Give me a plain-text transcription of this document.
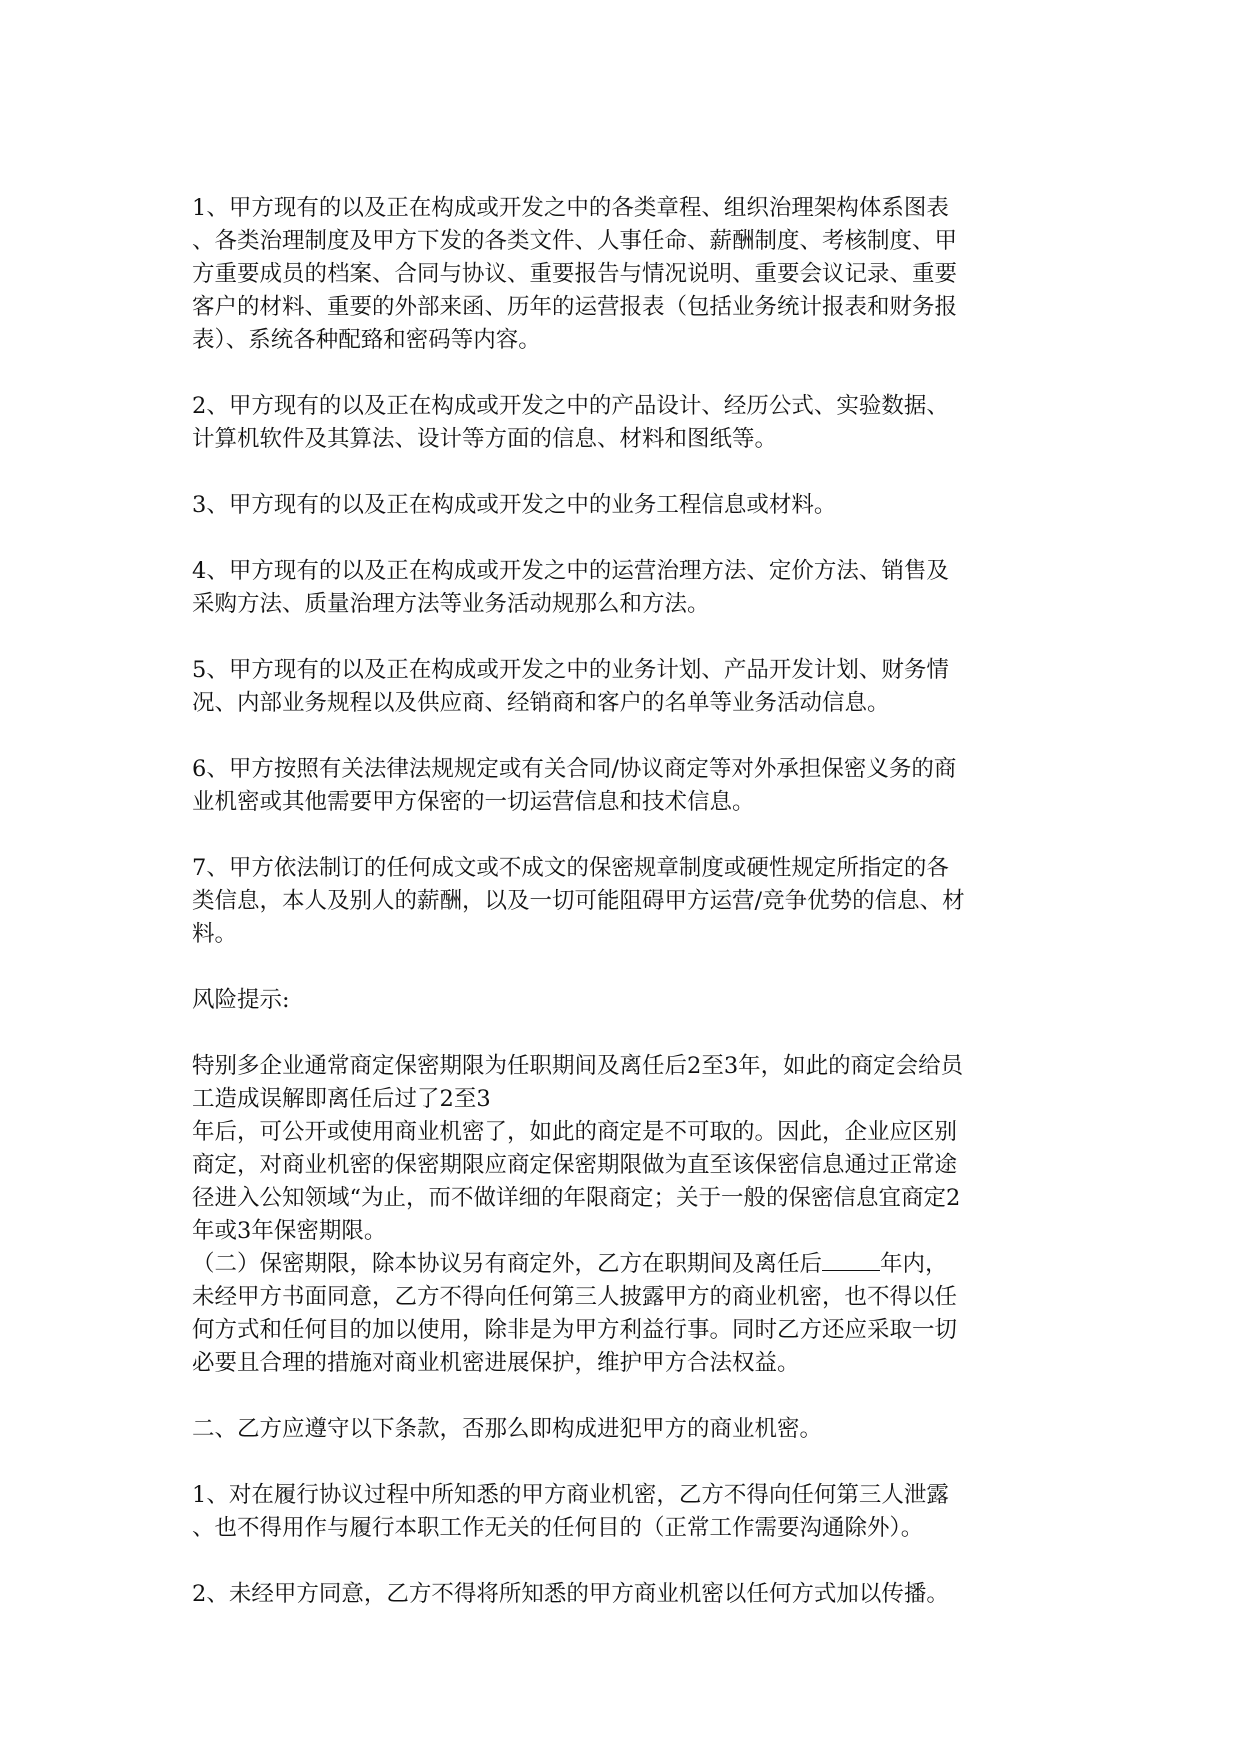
1、甲方现有的以及正在构成或开发之中的各类章程、组织治理架构体系图表
、各类治理制度及甲方下发的各类文件、人事任命、薪酬制度、考核制度、甲
方重要成员的档案、合同与协议、重要报告与情况说明、重要会议记录、重要
客户的材料、重要的外部来函、历年的运营报表（包括业务统计报表和财务报
表）、系统各种配臵和密码等内容。
2、甲方现有的以及正在构成或开发之中的产品设计、经历公式、实验数据、
计算机软件及其算法、设计等方面的信息、材料和图纸等。
3、甲方现有的以及正在构成或开发之中的业务工程信息或材料。
4、甲方现有的以及正在构成或开发之中的运营治理方法、定价方法、销售及
采购方法、质量治理方法等业务活动规那么和方法。
5、甲方现有的以及正在构成或开发之中的业务计划、产品开发计划、财务情
况、内部业务规程以及供应商、经销商和客户的名单等业务活动信息。
6、甲方按照有关法律法规规定或有关合同/协议商定等对外承担保密义务的商
业机密或其他需要甲方保密的一切运营信息和技术信息。
7、甲方依法制订的任何成文或不成文的保密规章制度或硬性规定所指定的各
类信息，本人及别人的薪酬，以及一切可能阻碍甲方运营/竞争优势的信息、材
料。
风险提示:
特别多企业通常商定保密期限为任职期间及离任后2至3年，如此的商定会给员
工造成误解即离任后过了2至3
年后，可公开或使用商业机密了，如此的商定是不可取的。因此，企业应区别
商定，对商业机密的保密期限应商定保密期限做为直至该保密信息通过正常途
径进入公知领域“为止，而不做详细的年限商定；关于一般的保密信息宜商定2
年或3年保密期限。
（二）保密期限，除本协议另有商定外，乙方在职期间及离任后	年内，
未经甲方书面同意，乙方不得向任何第三人披露甲方的商业机密，也不得以任
何方式和任何目的加以使用，除非是为甲方利益行事。同时乙方还应采取一切
必要且合理的措施对商业机密进展保护，维护甲方合法权益。
二、乙方应遵守以下条款，否那么即构成进犯甲方的商业机密。
1、对在履行协议过程中所知悉的甲方商业机密，乙方不得向任何第三人泄露
、也不得用作与履行本职工作无关的任何目的（正常工作需要沟通除外）。
2、未经甲方同意，乙方不得将所知悉的甲方商业机密以任何方式加以传播。
